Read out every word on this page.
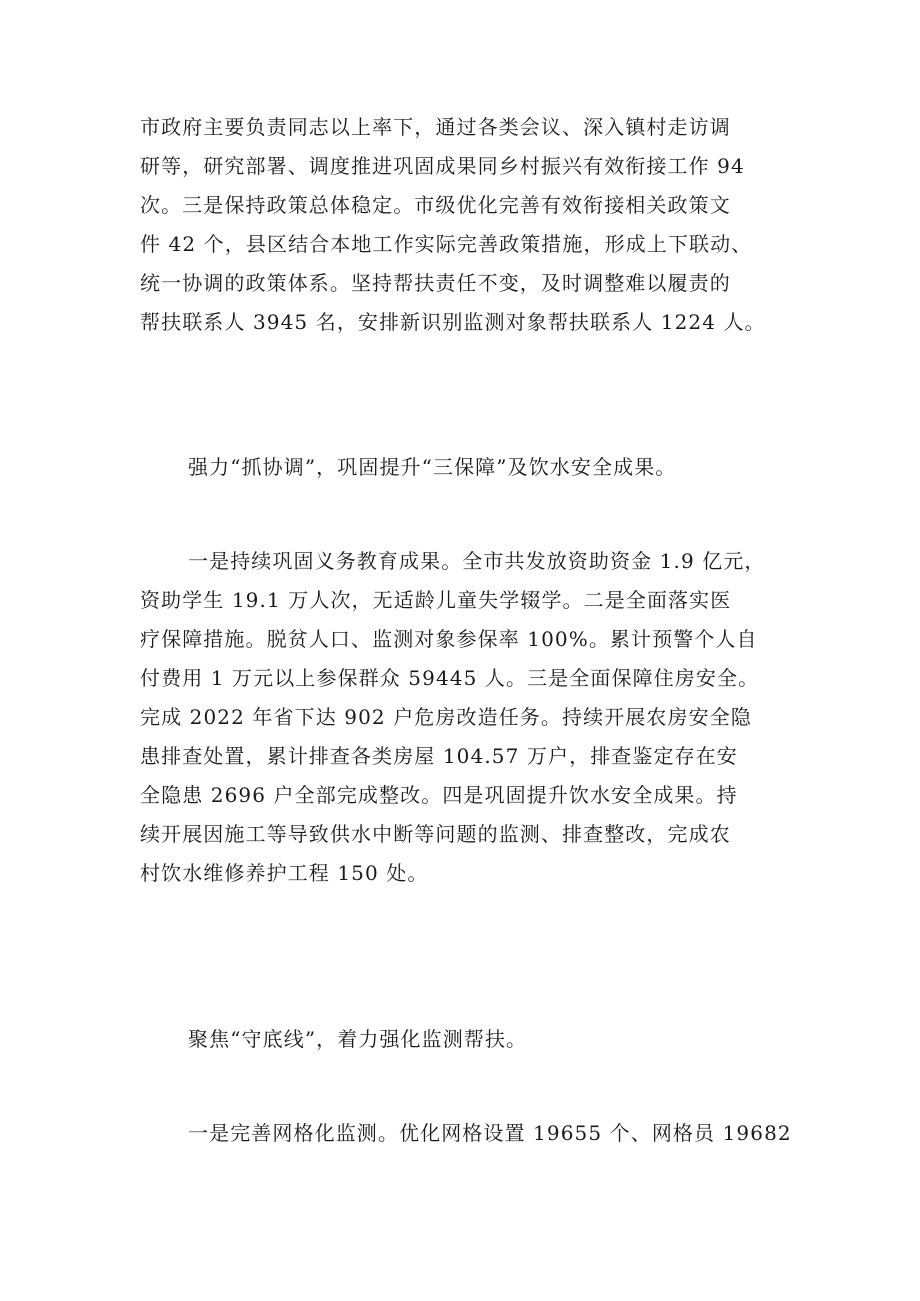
市政府主要负责同志以上率下，通过各类会议、深入镇村走访调
研等，研究部署、调度推进巩固成果同乡村振兴有效衔接工作 94
次。三是保持政策总体稳定。市级优化完善有效衔接相关政策文
件 42 个，县区结合本地工作实际完善政策措施，形成上下联动、
统一协调的政策体系。坚持帮扶责任不变，及时调整难以履责的
帮扶联系人 3945 名，安排新识别监测对象帮扶联系人 1224 人。
强力“抓协调”，巩固提升“三保障”及饮水安全成果。
一是持续巩固义务教育成果。全市共发放资助资金 1.9 亿元，
资助学生 19.1 万人次，无适龄儿童失学辍学。二是全面落实医
疗保障措施。脱贫人口、监测对象参保率 100%。累计预警个人自
付费用 1 万元以上参保群众 59445 人。三是全面保障住房安全。
完成 2022 年省下达 902 户危房改造任务。持续开展农房安全隐
患排查处置，累计排查各类房屋 104.57 万户，排查鉴定存在安
全隐患 2696 户全部完成整改。四是巩固提升饮水安全成果。持
续开展因施工等导致供水中断等问题的监测、排查整改，完成农
村饮水维修养护工程 150 处。
聚焦“守底线”，着力强化监测帮扶。
一是完善网格化监测。优化网格设置 19655 个、网格员 19682
